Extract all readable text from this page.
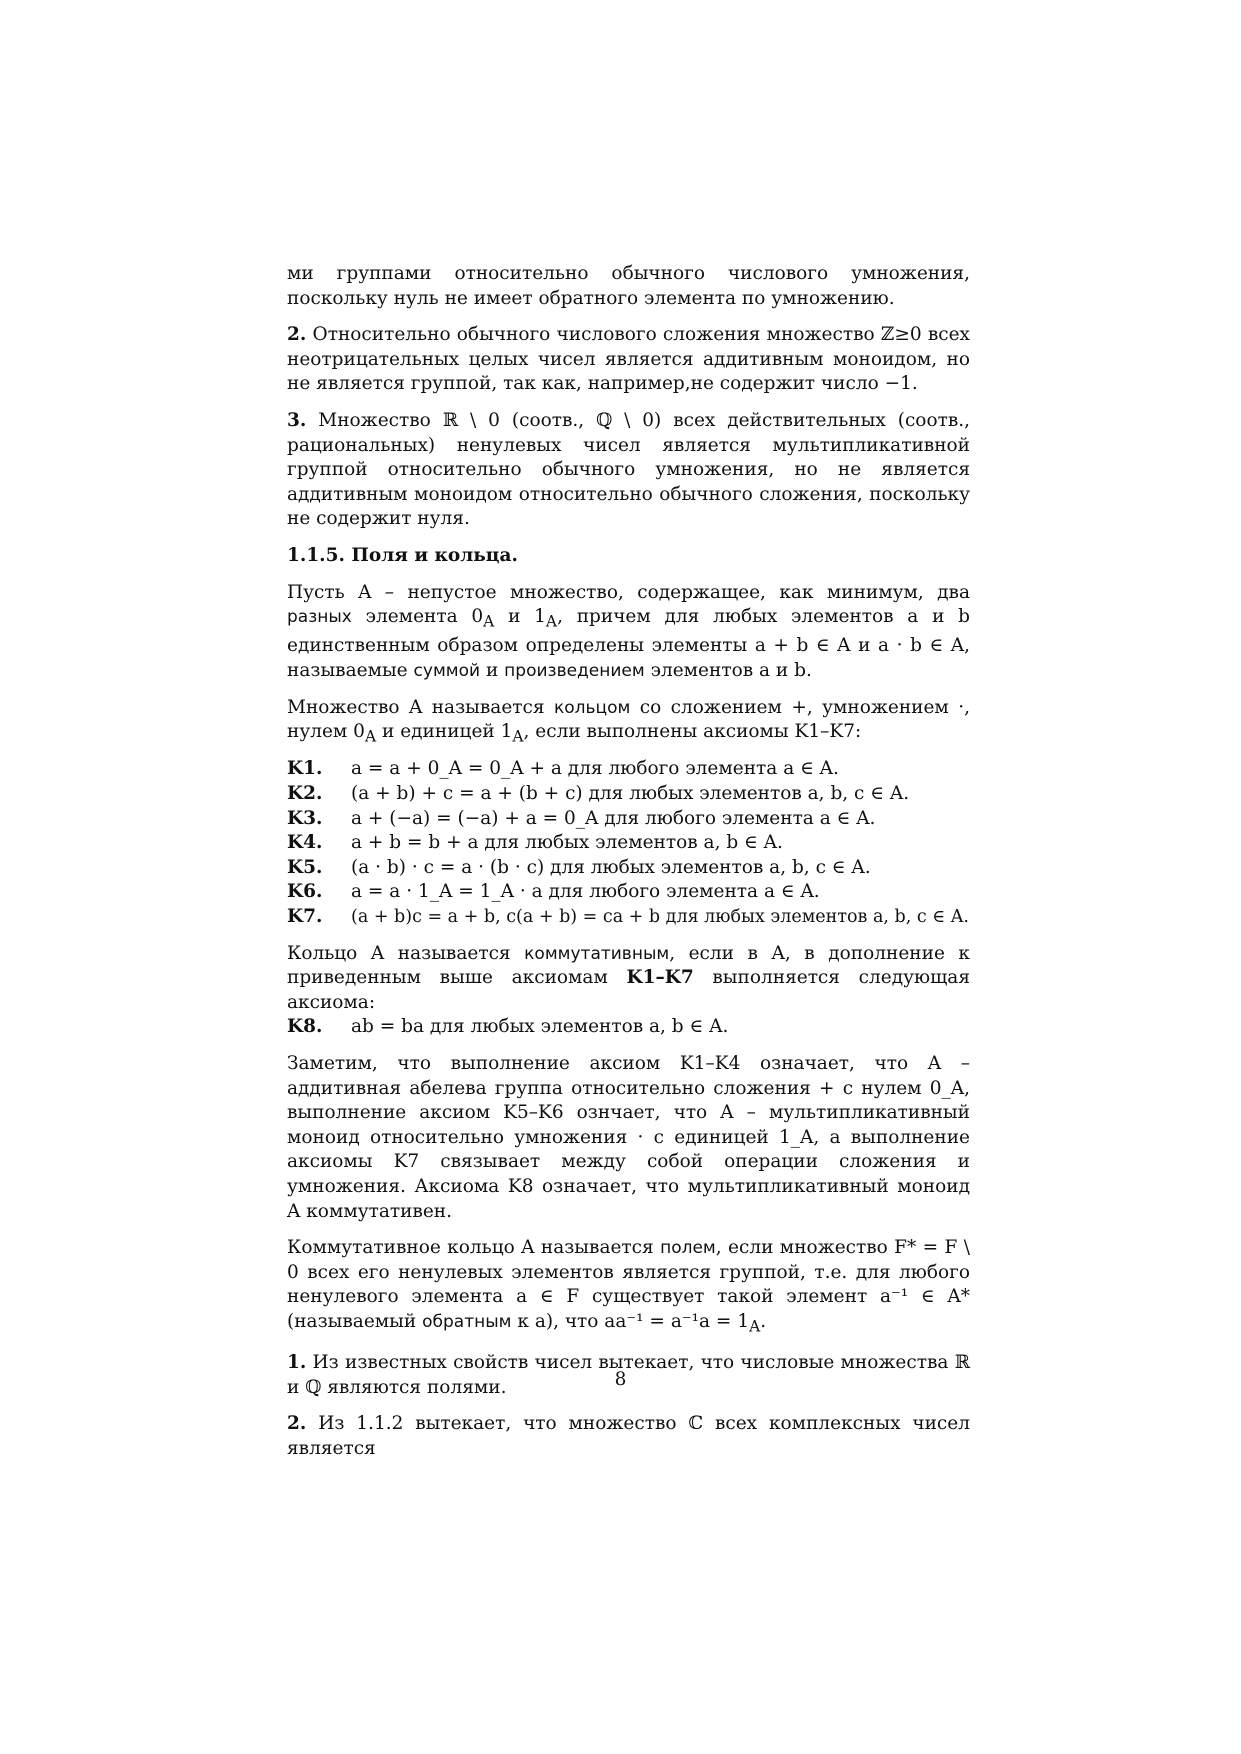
ми группами относительно обычного числового умножения, поскольку нуль не имеет обратного элемента по умножению.

2. Относительно обычного числового сложения множество ℤ≥0 всех неотрицательных целых чисел является аддитивным моноидом, но не является группой, так как, например,не содержит число −1.

3. Множество ℝ \ 0 (соотв., ℚ \ 0) всех действительных (соотв., рациональных) ненулевых чисел является мультипликативной группой относительно обычного умножения, но не является аддитивным моноидом относительно обычного сложения, поскольку не содержит нуля.

1.1.5. Поля и кольца.

Пусть A – непустое множество, содержащее, как минимум, два разных элемента $0_A$ и $1_A$, причем для любых элементов a и b единственным образом определены элементы a + b ∈ A и a · b ∈ A, называемые суммой и произведением элементов a и b.

Множество A называется кольцом со сложением +, умножением ·, нулем $0_A$ и единицей $1_A$, если выполнены аксиомы K1–K7:

K1.	a = a + 0_A = 0_A + a для любого элемента a ∈ A.
K2.	(a + b) + c = a + (b + c) для любых элементов a, b, c ∈ A.
K3.	a + (−a) = (−a) + a = 0_A для любого элемента a ∈ A.
K4.	a + b = b + a для любых элементов a, b ∈ A.
K5.	(a · b) · c = a · (b · c) для любых элементов a, b, c ∈ A.
K6.	a = a · 1_A = 1_A · a для любого элемента a ∈ A.
K7.	(a + b)c = a + b, c(a + b) = ca + b для любых элементов a, b, c ∈ A.

Кольцо A называется коммутативным, если в A, в дополнение к приведенным выше аксиомам K1–K7 выполняется следующая аксиома:
K8.	ab = ba для любых элементов a, b ∈ A.

Заметим, что выполнение аксиом K1–K4 означает, что A – аддитивная абелева группа относительно сложения + с нулем 0_A, выполнение аксиом K5–K6 ознчает, что A – мультипликативный моноид относительно умножения · с единицей 1_A, а выполнение аксиомы K7 связывает между собой операции сложения и умножения. Аксиома K8 означает, что мультипликативный моноид A коммутативен.

Коммутативное кольцо A называется полем, если множество F* = F \ 0 всех его ненулевых элементов является группой, т.е. для любого ненулевого элемента a ∈ F существует такой элемент a⁻¹ ∈ A* (называемый обратным к a), что $aa^{-1} = a^{-1}a = 1_A$.

1. Из известных свойств чисел вытекает, что числовые множества ℝ и ℚ являются полями.

2. Из 1.1.2 вытекает, что множество ℂ всех комплексных чисел является

8
